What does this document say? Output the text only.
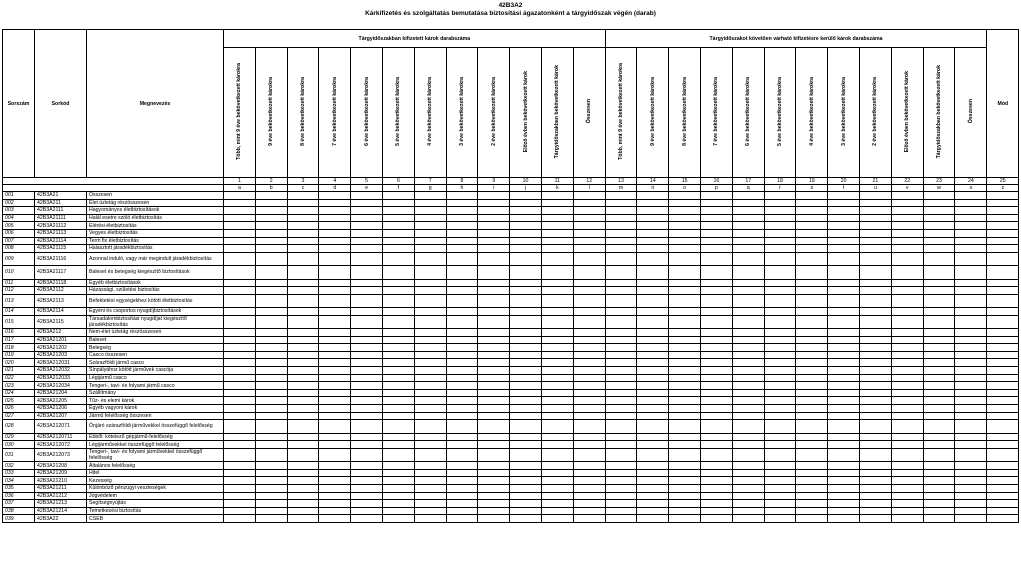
42B3A2
Kárkifizetés és szolgáltatás bemutatása biztosítási ágazatonként a tárgyidőszak végén (darab)
Sorszám	Sorkód	Megnevezés	Tárgyidőszakban kifizetett károk darabszáma												Tárgyidőszakot követően várható kifizetésre kerülő károk darabszáma												Mód
			Több, mint 9 éve bekövetkezett károkra	9 éve bekövetkezett károkra	8 éve bekövetkezett károkra	7 éve bekövetkezett károkra	6 éve bekövetkezett károkra	5 éve bekövetkezett károkra	4 éve bekövetkezett károkra	3 éve bekövetkezett károkra	2 éve bekövetkezett károkra	Előző évben bekövetkezett károk	Tárgyidőszakban bekövetkezett károk	Összesen	Több, mint 9 éve bekövetkezett károkra	9 éve bekövetkezett károkra	8 éve bekövetkezett károkra	7 éve bekövetkezett károkra	6 éve bekövetkezett károkra	5 éve bekövetkezett károkra	4 éve bekövetkezett károkra	3 éve bekövetkezett károkra	2 éve bekövetkezett károkra	Előző évben bekövetkezett károk	Tárgyidőszakban bekövetkezett károk	Összesen	
			1	2	3	4	5	6	7	8	9	10	11	12	13	14	15	16	17	18	19	20	21	22	23	24	25
			a	b	c	d	e	f	g	h	i	j	k	l	m	n	o	p	q	r	s	t	u	v	w	x	z
001	42B3A21	Összesen																									
002	42B3A211	Élet üzletág részösszesen																									
003	42B3A2111	Hagyományos életbiztosítások																									
004	42B3A21111	Halál esetre szóló életbiztosítás																									
005	42B3A21112	Elérési életbiztosítás																									
006	42B3A21113	Vegyes életbiztosítás																									
007	42B3A21114	Term fix életbiztosítás																									
008	42B3A21115	Halasztott járadékbiztosítás																									
009	42B3A21116	Azonnal induló, vagy már megindult járadékbiztosítás																									
010	42B3A21117	Baleset és betegség kiegészítő biztosítások																									
011	42B3A21118	Egyéb életbiztosítások																									
012	42B3A2112	Házassági, születési biztosítás																									
013	42B3A2113	Befektetési egységekhez kötött életbiztosítás																									
014	42B3A2114	Egyéni és csoportos nyugdíjbiztosítások																									
015	42B3A2115	Társadalombiztosítási nyugdíjat kiegészítő járadékbiztosítás																									
016	42B3A212	Nem-élet üzletág részösszesen																									
017	42B3A21201	Baleset																									
018	42B3A21202	Betegség																									
019	42B3A21203	Casco összesen																									
020	42B3A212031	Szárazföldi jármű casco																									
021	42B3A212032	Sínpályához kötött járművek cascója																									
022	42B3A212033	Légijármű casco																									
023	42B3A212034	Tengeri-, tavi- és folyami jármű casco																									
024	42B3A21204	Szállítmány																									
025	42B3A21205	Tűz- és elemi károk																									
026	42B3A21206	Egyéb vagyoni károk																									
027	42B3A21207	Jármű felelősség összesen																									
028	42B3A212071	Önjáró szárazföldi járművekkel összefüggő felelősség																									
029	42B3A2120711	Ebből: kötelező gépjármű-felelősség																									
030	42B3A212072	Légijárművekkel összefüggő felelősség																									
031	42B3A212073	Tengeri-, tavi- és folyami járművekkel összefüggő felelősség																									
032	42B3A21208	Általános felelősség																									
033	42B3A21209	Hitel																									
034	42B3A21210	Kezesség																									
035	42B3A21211	Különböző pénzügyi veszteségek																									
036	42B3A21212	Jogvédelem																									
037	42B3A21213	Segítségnyújtás																									
038	42B3A21214	Temetkezési biztosítás																									
039	42B3A22	CSEB																									
